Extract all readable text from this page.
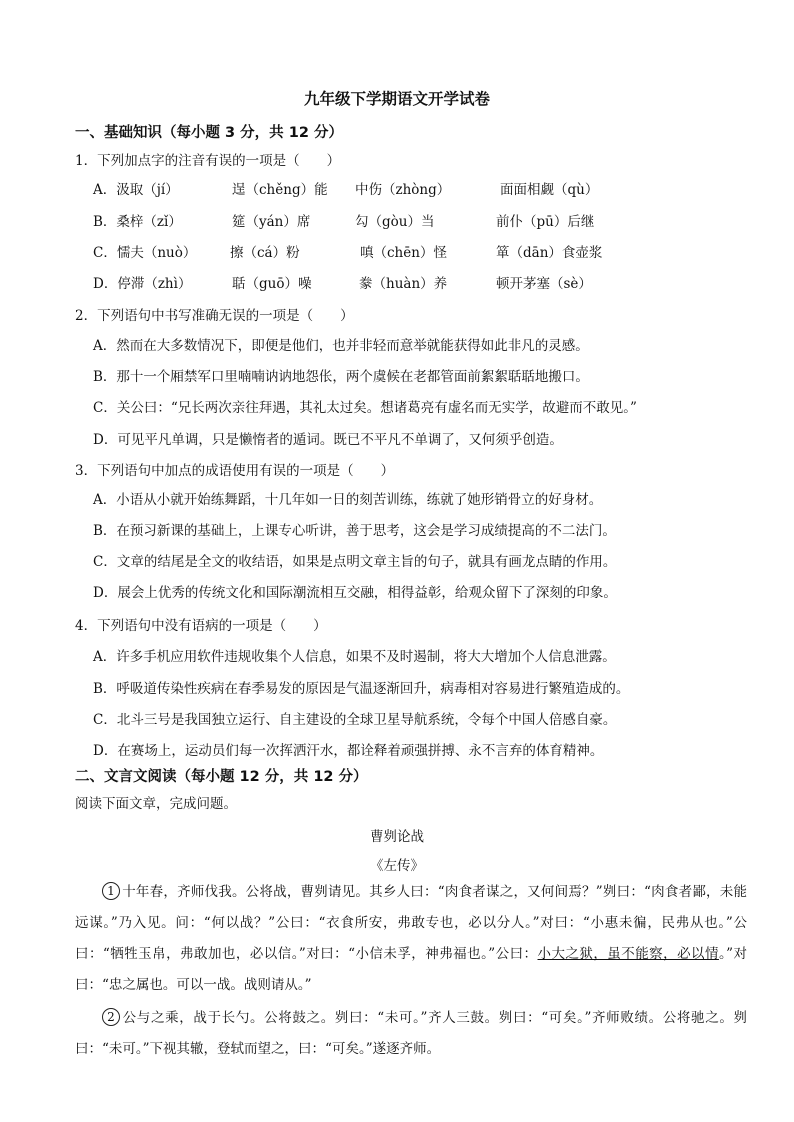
九年级下学期语文开学试卷
一、基础知识（每小题 3 分，共 12 分）
1．下列加点字的注音有误的一项是（　　）
A．汲取（jí）	逞（chěng）能 中伤（zhòng）	面面相觑（qù）
B．桑梓（zǐ）	筵（yán）席	勾（gòu）当	前仆（pū）后继
C．懦夫（nuò） 擦（cá）粉	嗔（chēn）怪	箪（dān）食壶浆
D．停滞（zhì）	聒（guō）噪	豢（huàn）养	顿开茅塞（sè）
2．下列语句中书写准确无误的一项是（　　）
A．然而在大多数情况下，即便是他们，也并非轻而意举就能获得如此非凡的灵感。
B．那十一个厢禁军口里喃喃讷讷地怨伥，两个虞候在老都管面前絮絮聒聒地搬口。
C．关公曰：“兄长两次亲往拜遇，其礼太过矣。想诸葛亮有虚名而无实学，故避而不敢见。”
D．可见平凡单调，只是懒惰者的遁词。既已不平凡不单调了，又何须乎创造。
3．下列语句中加点的成语使用有误的一项是（　　）
A．小语从小就开始练舞蹈，十几年如一日的刻苦训练，练就了她形销骨立的好身材。
B．在预习新课的基础上，上课专心听讲，善于思考，这会是学习成绩提高的不二法门。
C．文章的结尾是全文的收结语，如果是点明文章主旨的句子，就具有画龙点睛的作用。
D．展会上优秀的传统文化和国际潮流相互交融，相得益彰，给观众留下了深刻的印象。
4．下列语句中没有语病的一项是（　　）
A．许多手机应用软件违规收集个人信息，如果不及时遏制，将大大增加个人信息泄露。
B．呼吸道传染性疾病在春季易发的原因是气温逐渐回升，病毒相对容易进行繁殖造成的。
C．北斗三号是我国独立运行、自主建设的全球卫星导航系统，令每个中国人倍感自豪。
D．在赛场上，运动员们每一次挥洒汗水，都诠释着顽强拼搏、永不言弃的体育精神。
二、文言文阅读（每小题 12 分，共 12 分）
阅读下面文章，完成问题。
曹刿论战
《左传》
1 十年春，齐师伐我。公将战，曹刿请见。其乡人曰：“肉食者谋之，又何间焉？”刿曰：“肉食者鄙，未能远谋。”乃入见。问：“何以战？”公曰：“衣食所安，弗敢专也，必以分人。”对曰：“小惠未徧，民弗从也。”公曰：“牺牲玉帛，弗敢加也，必以信。”对曰：“小信未孚，神弗福也。”公曰：小大之狱，虽不能察，必以情。”对曰：“忠之属也。可以一战。战则请从。”
2 公与之乘，战于长勺。公将鼓之。刿曰：“未可。”齐人三鼓。刿曰：“可矣。”齐师败绩。公将驰之。刿曰：“未可。”下视其辙，登轼而望之，曰：“可矣。”遂逐齐师。
